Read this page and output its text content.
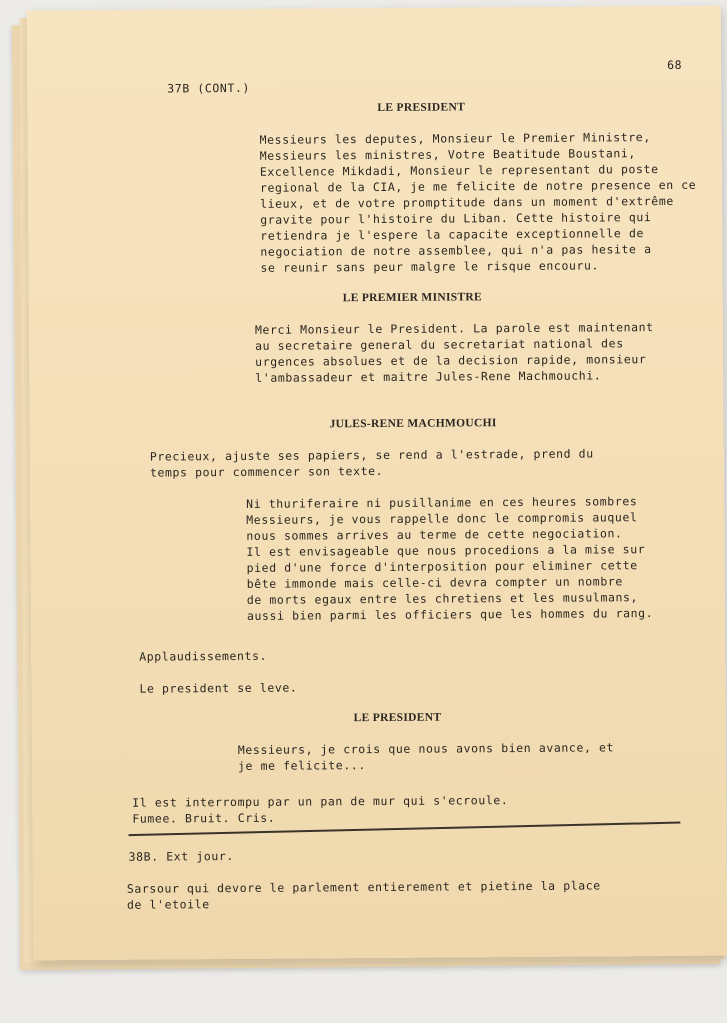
68
37B (CONT.)
LE PRESIDENT
Messieurs les deputes, Monsieur le Premier Ministre,
Messieurs les ministres, Votre Beatitude Boustani,
Excellence Mikdadi, Monsieur le representant du poste
regional de la CIA, je me felicite de notre presence en ce
lieux, et de votre promptitude dans un moment d'extrême
gravite pour l'histoire du Liban. Cette histoire qui
retiendra je l'espere la capacite exceptionnelle de
negociation de notre assemblee, qui n'a pas hesite a
se reunir sans peur malgre le risque encouru.
LE PREMIER MINISTRE
Merci Monsieur le President. La parole est maintenant
au secretaire general du secretariat national des
urgences absolues et de la decision rapide, monsieur
l'ambassadeur et maitre Jules-Rene Machmouchi.
JULES-RENE MACHMOUCHI
Precieux, ajuste ses papiers, se rend a l'estrade, prend du
temps pour commencer son texte.
Ni thuriferaire ni pusillanime en ces heures sombres
Messieurs, je vous rappelle donc le compromis auquel
nous sommes arrives au terme de cette negociation.
Il est envisageable que nous procedions a la mise sur
pied d'une force d'interposition pour eliminer cette
bête immonde mais celle-ci devra compter un nombre
de morts egaux entre les chretiens et les musulmans,
aussi bien parmi les officiers que les hommes du rang.
Applaudissements.
Le president se leve.
LE PRESIDENT
Messieurs, je crois que nous avons bien avance, et
je me felicite...
Il est interrompu par un pan de mur qui s'ecroule.
Fumee. Bruit. Cris.
38B. Ext jour.
Sarsour qui devore le parlement entierement et pietine la place
de l'etoile
